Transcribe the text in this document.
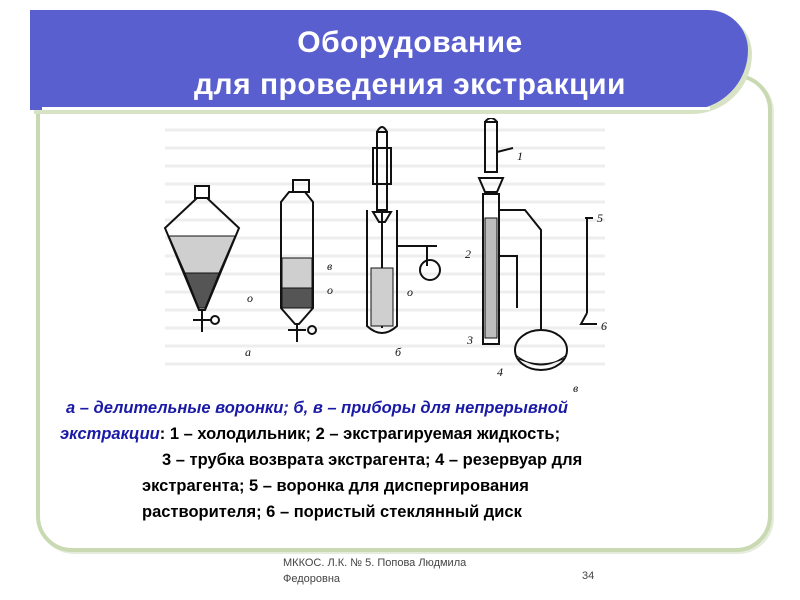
Оборудование
для проведения экстракции
о
в
о
а	б
о
1
2
3
4
5
6
в
а – делительные воронки; б, в – приборы для непрерывной
экстракции: 1 – холодильник; 2 – экстрагируемая жидкость;
3 – трубка возврата экстрагента; 4 – резервуар для
экстрагента; 5 – воронка для диспергирования
растворителя; 6 – пористый стеклянный диск
МККОС. Л.К. № 5. Попова Людмила
Федоровна	34
